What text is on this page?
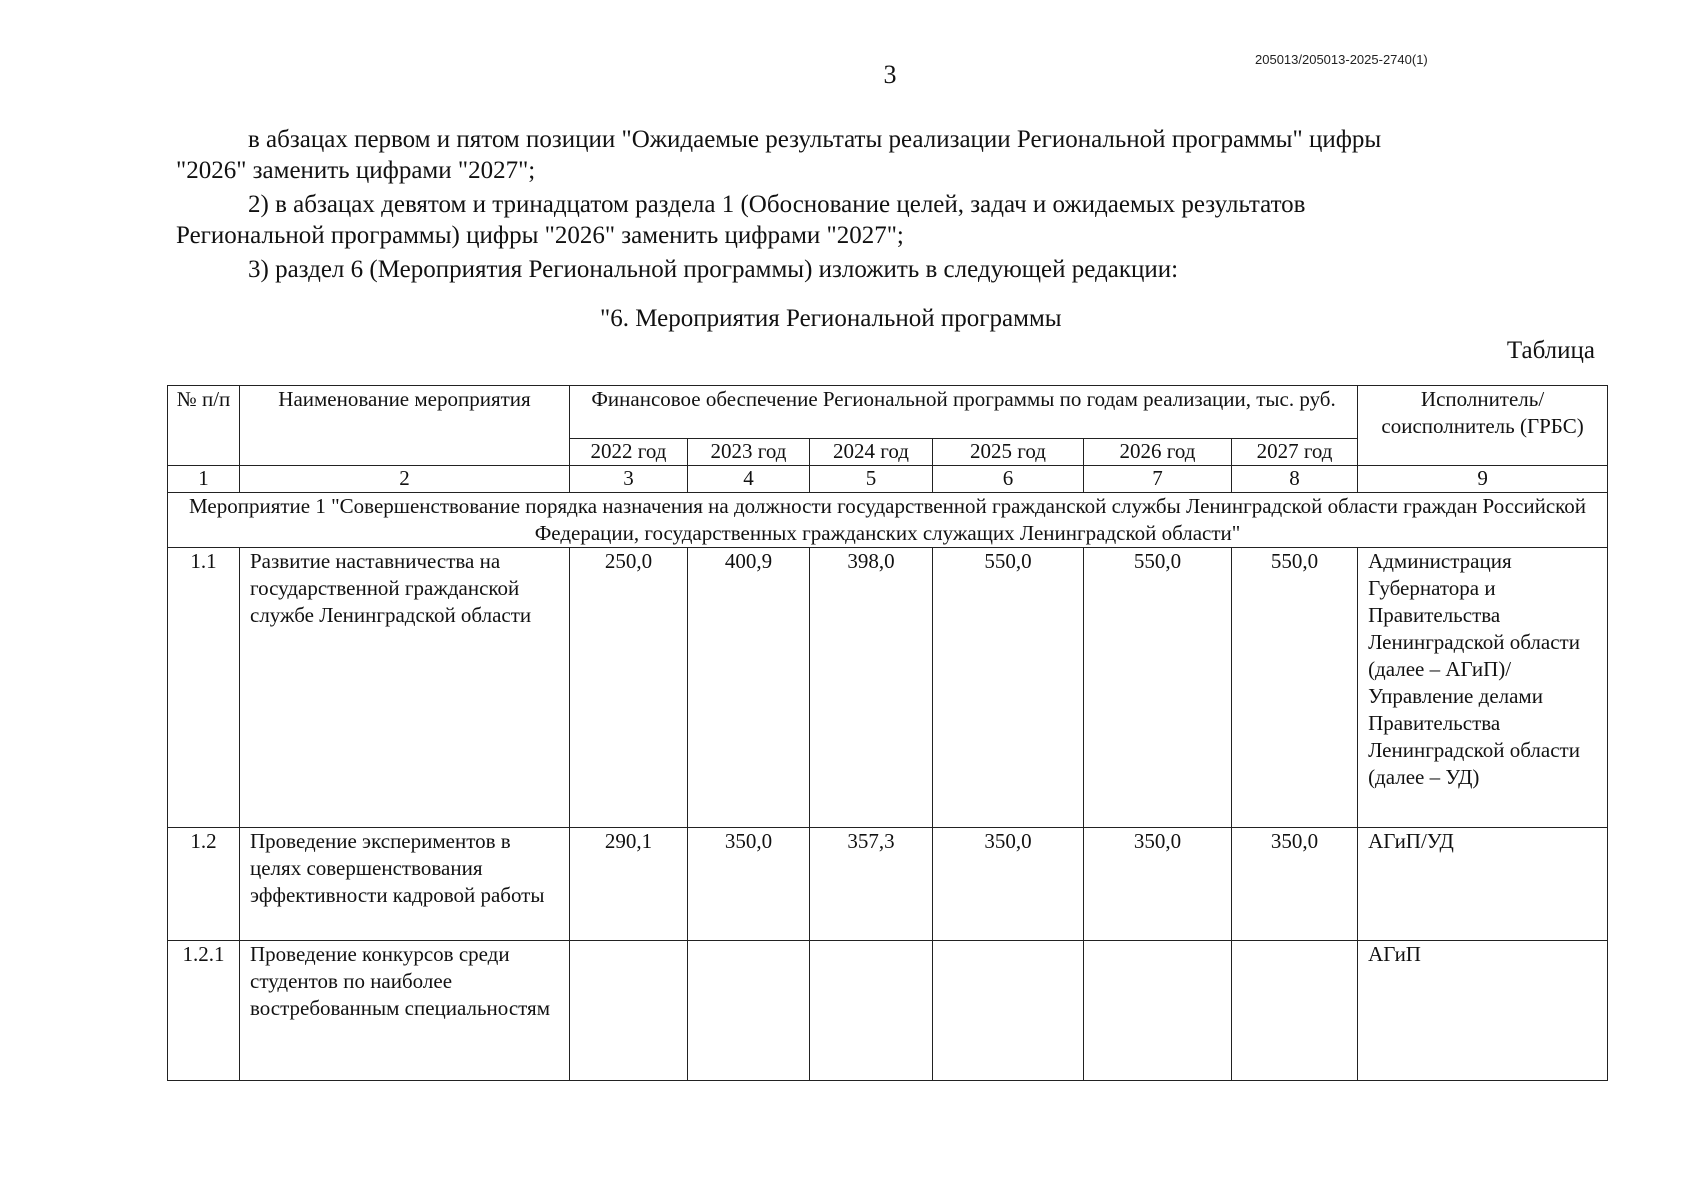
205013/205013-2025-2740(1)
3
в абзацах первом и пятом позиции "Ожидаемые результаты реализации Региональной программы" цифры
"2026" заменить цифрами "2027";
2) в абзацах девятом и тринадцатом раздела 1 (Обоснование целей, задач и ожидаемых результатов
Региональной программы) цифры "2026" заменить цифрами "2027";
3) раздел 6 (Мероприятия Региональной программы) изложить в следующей редакции:
"6. Мероприятия Региональной программы
Таблица
№ п/п	Наименование мероприятия	Финансовое обеспечение Региональной программы по годам реализации, тыс. руб.						Исполнитель/ соисполнитель (ГРБС)
		2022 год	2023 год	2024 год	2025 год	2026 год	2027 год	
1	2	3	4	5	6	7	8	9
Мероприятие 1 "Совершенствование порядка назначения на должности государственной гражданской службы Ленинградской области граждан Российской Федерации, государственных гражданских служащих Ленинградской области"								
1.1	Развитие наставничества на государственной гражданской службе Ленинградской области	250,0	400,9	398,0	550,0	550,0	550,0	Администрация Губернатора и Правительства Ленинградской области (далее – АГиП)/ Управление делами Правительства Ленинградской области (далее – УД)
1.2	Проведение экспериментов в целях совершенствования эффективности кадровой работы	290,1	350,0	357,3	350,0	350,0	350,0	АГиП/УД
1.2.1	Проведение конкурсов среди студентов по наиболее востребованным специальностям							АГиП
